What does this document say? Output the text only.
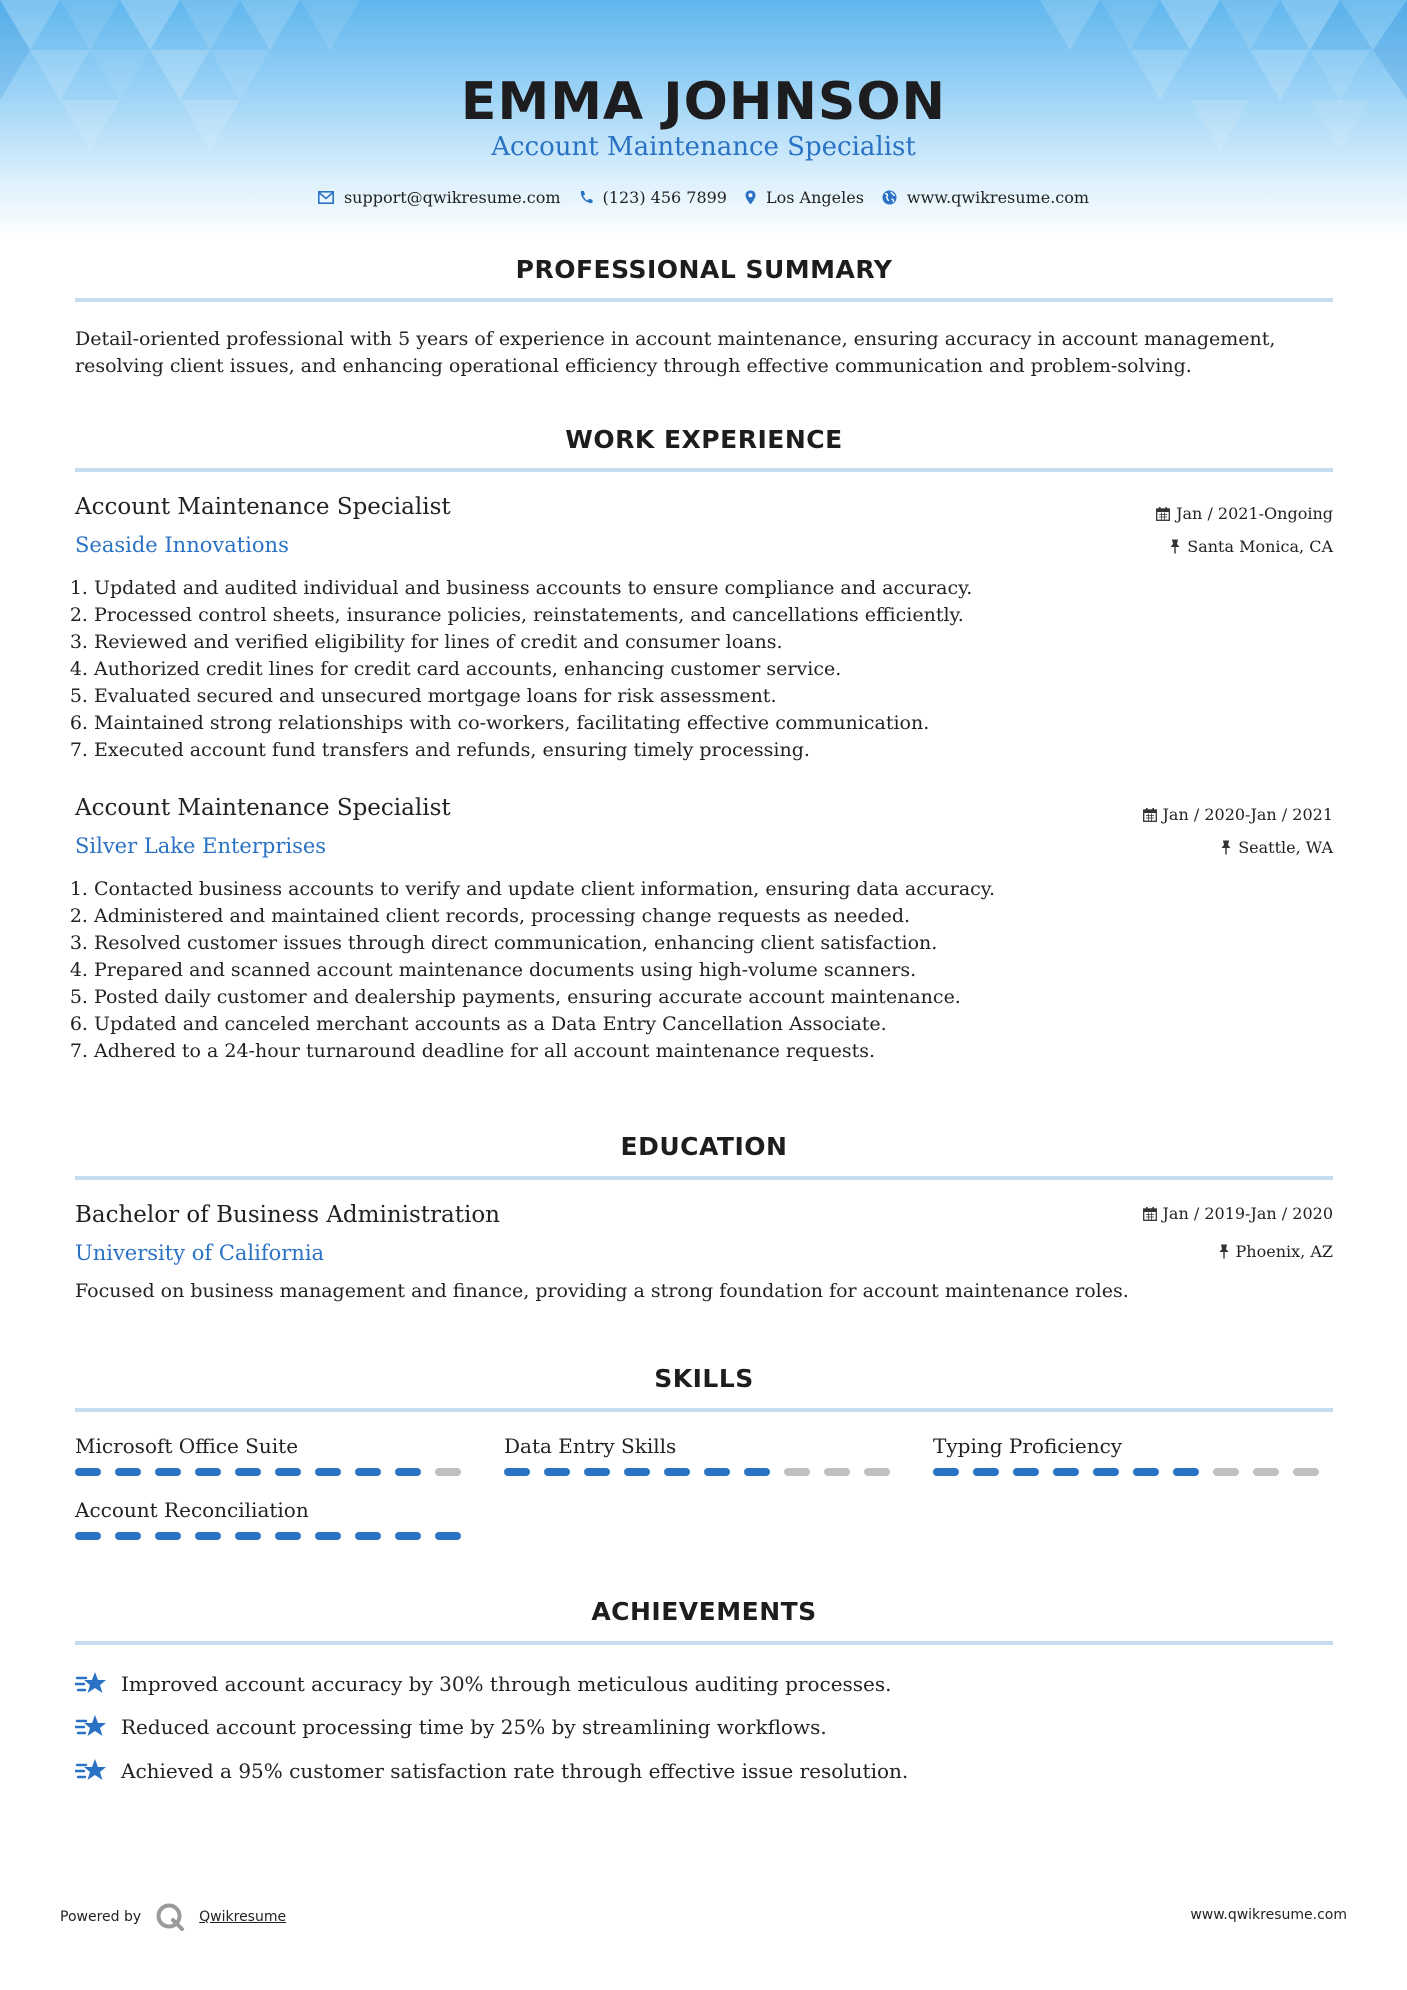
EMMA JOHNSON
Account Maintenance Specialist
support@qwikresume.com	(123) 456 7899 Los Angeles	www.qwikresume.com
PROFESSIONAL SUMMARY
Detail-oriented professional with 5 years of experience in account maintenance, ensuring accuracy in account management, resolving client issues, and enhancing operational efficiency through effective communication and problem-solving.
WORK EXPERIENCE
Account Maintenance Specialist	Jan / 2021-Ongoing
Seaside Innovations	Santa Monica, CA
1. Updated and audited individual and business accounts to ensure compliance and accuracy.
2. Processed control sheets, insurance policies, reinstatements, and cancellations efficiently.
3. Reviewed and verified eligibility for lines of credit and consumer loans.
4. Authorized credit lines for credit card accounts, enhancing customer service.
5. Evaluated secured and unsecured mortgage loans for risk assessment.
6. Maintained strong relationships with co-workers, facilitating effective communication.
7. Executed account fund transfers and refunds, ensuring timely processing.
Account Maintenance Specialist	Jan / 2020-Jan / 2021
Silver Lake Enterprises	Seattle, WA
1. Contacted business accounts to verify and update client information, ensuring data accuracy.
2. Administered and maintained client records, processing change requests as needed.
3. Resolved customer issues through direct communication, enhancing client satisfaction.
4. Prepared and scanned account maintenance documents using high-volume scanners.
5. Posted daily customer and dealership payments, ensuring accurate account maintenance.
6. Updated and canceled merchant accounts as a Data Entry Cancellation Associate.
7. Adhered to a 24-hour turnaround deadline for all account maintenance requests.
EDUCATION
Bachelor of Business Administration	Jan / 2019-Jan / 2020
University of California	Phoenix, AZ
Focused on business management and finance, providing a strong foundation for account maintenance roles.
SKILLS
Microsoft Office Suite	Data Entry Skills	Typing Proficiency
Account Reconciliation
ACHIEVEMENTS
Improved account accuracy by 30% through meticulous auditing processes.
Reduced account processing time by 25% by streamlining workflows.
Achieved a 95% customer satisfaction rate through effective issue resolution.
Powered by	Qwikresume	www.qwikresume.com
